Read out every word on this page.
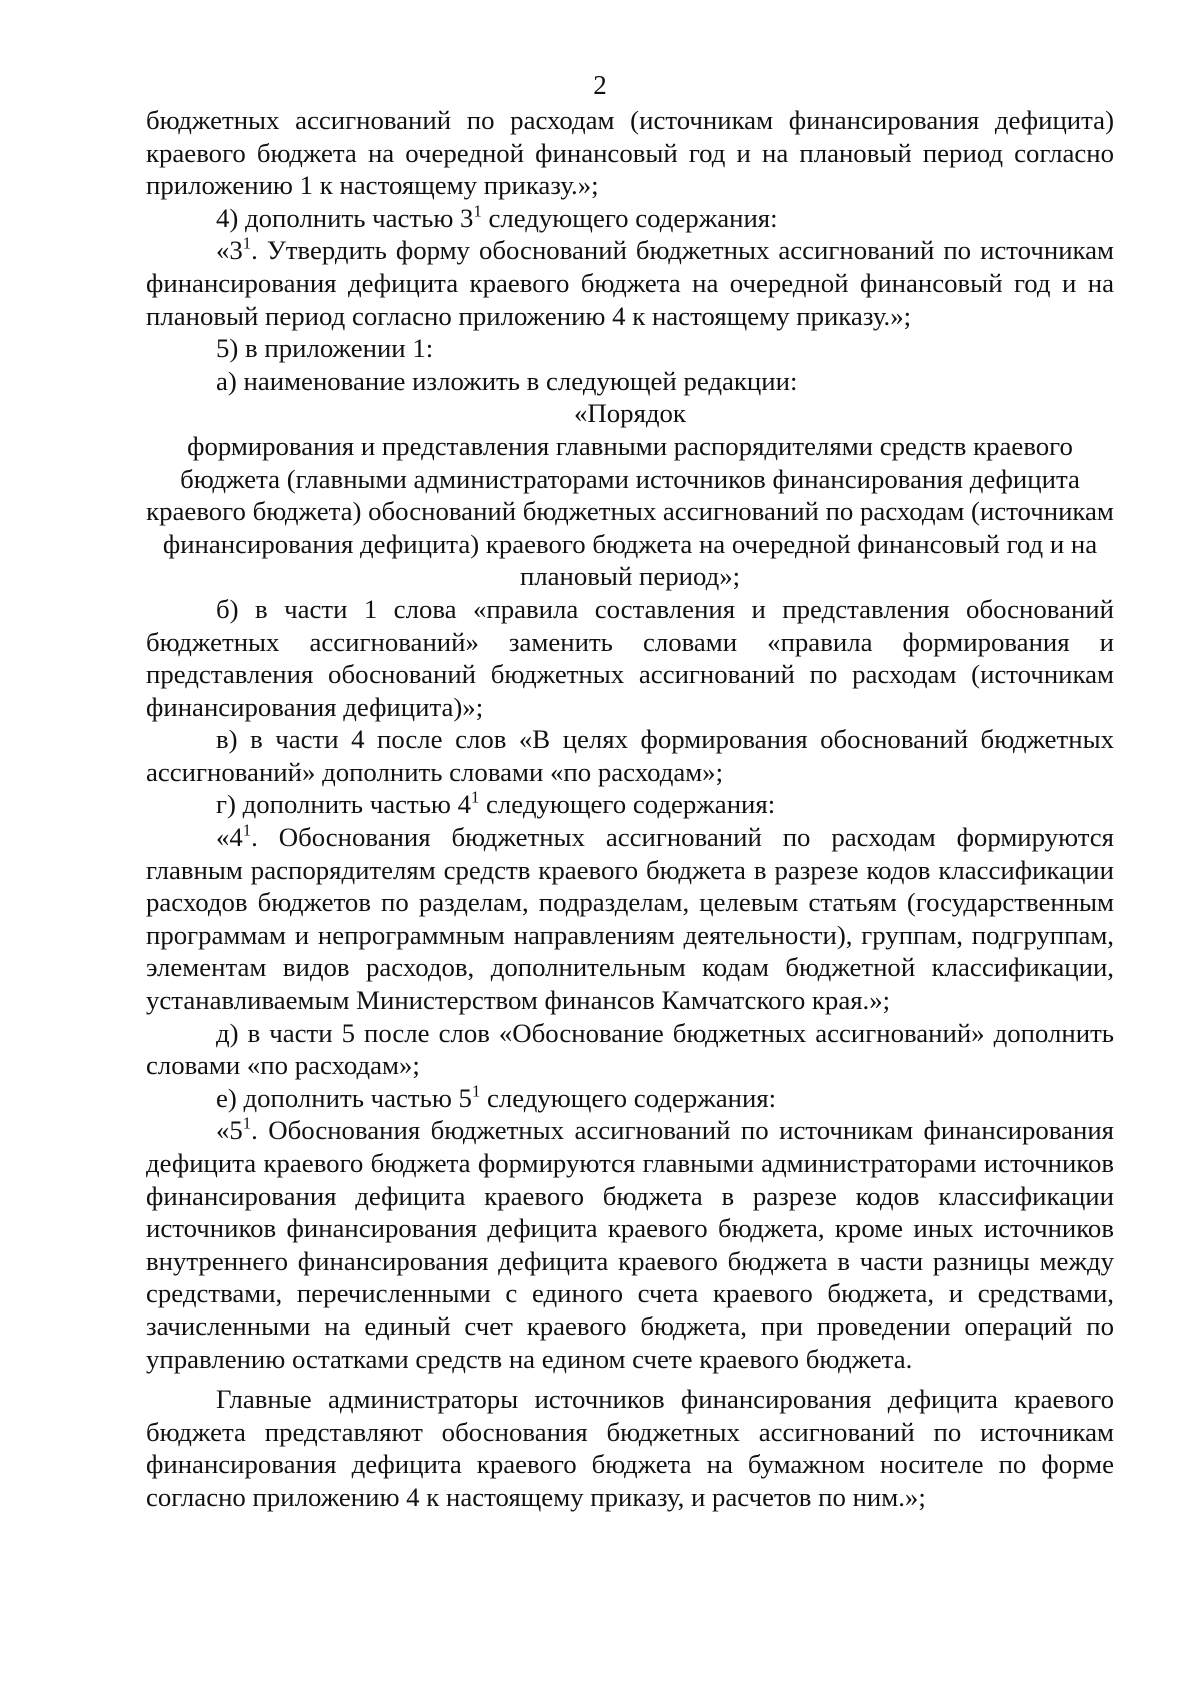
2

бюджетных ассигнований по расходам (источникам финансирования дефицита) краевого бюджета на очередной финансовый год и на плановый период согласно приложению 1 к настоящему приказу.»;

4) дополнить частью $3^1$ следующего содержания:

«$3^1$. Утвердить форму обоснований бюджетных ассигнований по источникам финансирования дефицита краевого бюджета на очередной финансовый год и на плановый период согласно приложению 4 к настоящему приказу.»;

5) в приложении 1:

а) наименование изложить в следующей редакции:

«Порядок

формирования и представления главными распорядителями средств краевого бюджета (главными администраторами источников финансирования дефицита краевого бюджета) обоснований бюджетных ассигнований по расходам (источникам финансирования дефицита) краевого бюджета на очередной финансовый год и на плановый период»;

б) в части 1 слова «правила составления и представления обоснований бюджетных ассигнований» заменить словами «правила формирования и представления обоснований бюджетных ассигнований по расходам (источникам финансирования дефицита)»;

в) в части 4 после слов «В целях формирования обоснований бюджетных ассигнований» дополнить словами «по расходам»;

г) дополнить частью $4^1$ следующего содержания:

«$4^1$. Обоснования бюджетных ассигнований по расходам формируются главным распорядителям средств краевого бюджета в разрезе кодов классификации расходов бюджетов по разделам, подразделам, целевым статьям (государственным программам и непрограммным направлениям деятельности), группам, подгруппам, элементам видов расходов, дополнительным кодам бюджетной классификации, устанавливаемым Министерством финансов Камчатского края.»;

д) в части 5 после слов «Обоснование бюджетных ассигнований» дополнить словами «по расходам»;

е) дополнить частью $5^1$ следующего содержания:

«$5^1$. Обоснования бюджетных ассигнований по источникам финансирования дефицита краевого бюджета формируются главными администраторами источников финансирования дефицита краевого бюджета в разрезе кодов классификации источников финансирования дефицита краевого бюджета, кроме иных источников внутреннего финансирования дефицита краевого бюджета в части разницы между средствами, перечисленными с единого счета краевого бюджета, и средствами, зачисленными на единый счет краевого бюджета, при проведении операций по управлению остатками средств на едином счете краевого бюджета.

Главные администраторы источников финансирования дефицита краевого бюджета представляют обоснования бюджетных ассигнований по источникам финансирования дефицита краевого бюджета на бумажном носителе по форме согласно приложению 4 к настоящему приказу, и расчетов по ним.»;
